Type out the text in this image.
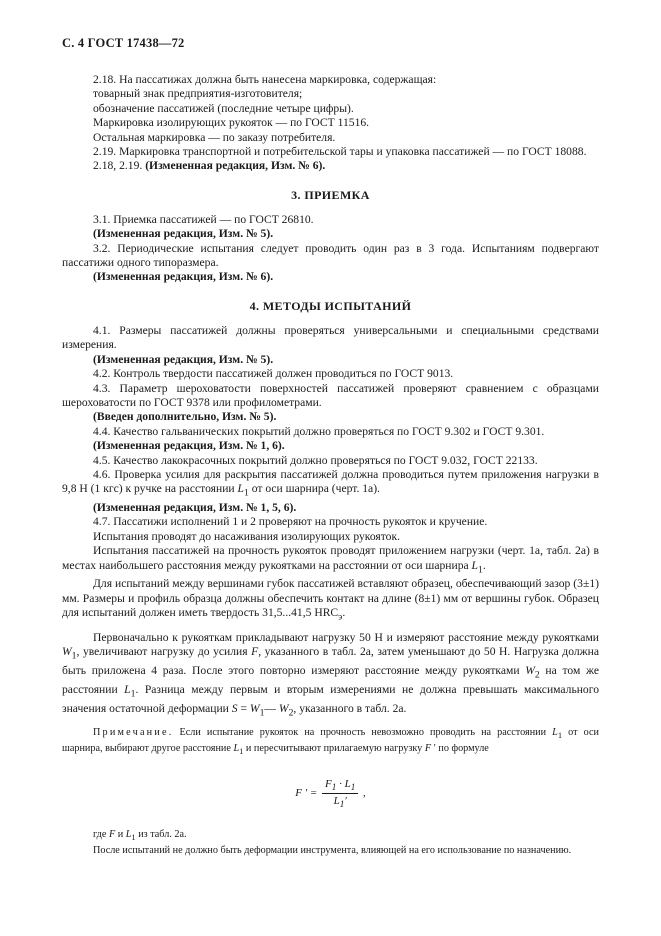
С. 4 ГОСТ 17438—72

2.18. На пассатижах должна быть нанесена маркировка, содержащая:

товарный знак предприятия-изготовителя;

обозначение пассатижей (последние четыре цифры).

Маркировка изолирующих рукояток — по ГОСТ 11516.

Остальная маркировка — по заказу потребителя.

2.19. Маркировка транспортной и потребительской тары и упаковка пассатижей — по ГОСТ 18088.

2.18, 2.19. (Измененная редакция, Изм. № 6).

3. ПРИЕМКА

3.1. Приемка пассатижей — по ГОСТ 26810.

(Измененная редакция, Изм. № 5).

3.2. Периодические испытания следует проводить один раз в 3 года. Испытаниям подвергают пассатижи одного типоразмера.

(Измененная редакция, Изм. № 6).

4. МЕТОДЫ ИСПЫТАНИЙ

4.1. Размеры пассатижей должны проверяться универсальными и специальными средствами измерения.

(Измененная редакция, Изм. № 5).

4.2. Контроль твердости пассатижей должен проводиться по ГОСТ 9013.

4.3. Параметр шероховатости поверхностей пассатижей проверяют сравнением с образцами шероховатости по ГОСТ 9378 или профилометрами.

(Введен дополнительно, Изм. № 5).

4.4. Качество гальванических покрытий должно проверяться по ГОСТ 9.302 и ГОСТ 9.301.

(Измененная редакция, Изм. № 1, 6).

4.5. Качество лакокрасочных покрытий должно проверяться по ГОСТ 9.032, ГОСТ 22133.

4.6. Проверка усилия для раскрытия пассатижей должна проводиться путем приложения нагрузки в 9,8 Н (1 кгс) к ручке на расстоянии $L_1$ от оси шарнира (черт. 1а).

(Измененная редакция, Изм. № 1, 5, 6).

4.7. Пассатижи исполнений 1 и 2 проверяют на прочность рукояток и кручение.

Испытания проводят до насаживания изолирующих рукояток.

Испытания пассатижей на прочность рукояток проводят приложением нагрузки (черт. 1а, табл. 2а) в местах наибольшего расстояния между рукоятками на расстоянии от оси шарнира $L_1$.

Для испытаний между вершинами губок пассатижей вставляют образец, обеспечивающий зазор (3±1) мм. Размеры и профиль образца должны обеспечить контакт на длине (8±1) мм от вершины губок. Образец для испытаний должен иметь твердость 31,5...41,5 $HRC_э$.

Первоначально к рукояткам прикладывают нагрузку 50 Н и измеряют расстояние между рукоятками $W_1$, увеличивают нагрузку до усилия F, указанного в табл. 2а, затем уменьшают до 50 Н. Нагрузка должна быть приложена 4 раза. После этого повторно измеряют расстояние между рукоятками $W_2$ на том же расстоянии $L_1$. Разница между первым и вторым измерениями не должна превышать максимального значения остаточной деформации $S = W_1—$ $W_2$, указанного в табл. 2а.

Примечание. Если испытание рукояток на прочность невозможно проводить на расстоянии $L_1$ от оси шарнира, выбирают другое расстояние $L_1$ и пересчитывают прилагаемую нагрузку F ′ по формуле

F ′ = $\frac{F_1 \cdot L_1}{L_1'}$ ,

где F и $L_1$ из табл. 2а.

После испытаний не должно быть деформации инструмента, влияющей на его использование по назначению.
